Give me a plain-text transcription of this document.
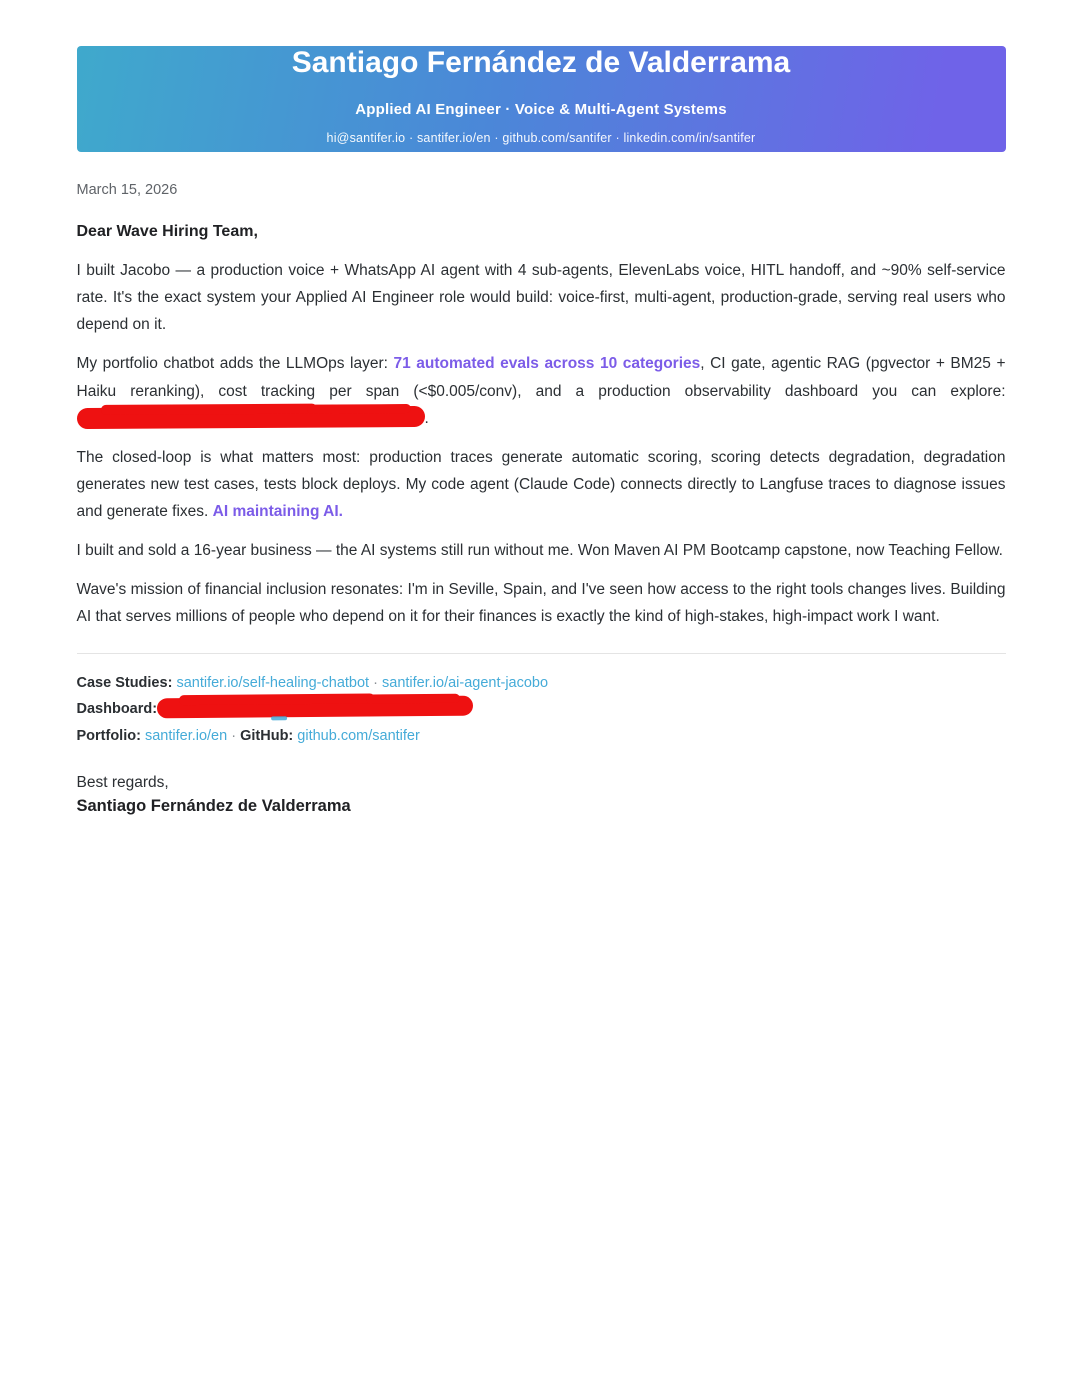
Santiago Fernández de Valderrama
Applied AI Engineer · Voice & Multi-Agent Systems
hi@santifer.io · santifer.io/en · github.com/santifer · linkedin.com/in/santifer
March 15, 2026
Dear Wave Hiring Team,

I built Jacobo — a production voice + WhatsApp AI agent with 4 sub-agents, ElevenLabs voice, HITL handoff, and ~90% self-service rate. It's the exact system your Applied AI Engineer role would build: voice-first, multi-agent, production-grade, serving real users who depend on it.

My portfolio chatbot adds the LLMOps layer: 71 automated evals across 10 categories, CI gate, agentic RAG (pgvector + BM25 + Haiku reranking), cost tracking per span (<$0.005/conv), and a production observability dashboard you can explore: .

The closed-loop is what matters most: production traces generate automatic scoring, scoring detects degradation, degradation generates new test cases, tests block deploys. My code agent (Claude Code) connects directly to Langfuse traces to diagnose issues and generate fixes. AI maintaining AI.

I built and sold a 16-year business — the AI systems still run without me. Won Maven AI PM Bootcamp capstone, now Teaching Fellow.

Wave's mission of financial inclusion resonates: I'm in Seville, Spain, and I've seen how access to the right tools changes lives. Building AI that serves millions of people who depend on it for their finances is exactly the kind of high-stakes, high-impact work I want.

Case Studies: santifer.io/self-healing-chatbot · santifer.io/ai-agent-jacobo
Dashboard:
Portfolio: santifer.io/en · GitHub: github.com/santifer
Best regards,
Santiago Fernández de Valderrama
